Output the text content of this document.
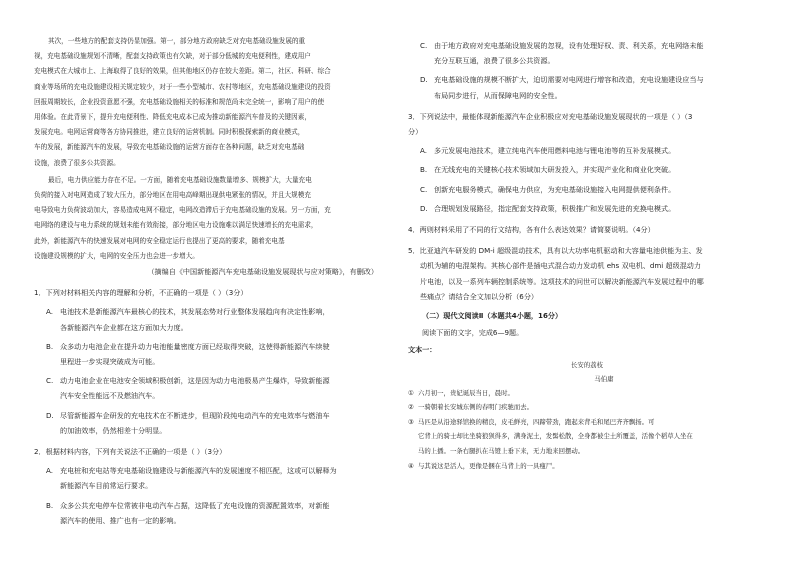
其次，一些地方的配套支持仍显加强。第一，部分地方政府缺乏对充电基础设施发展的重
视，充电基础设施规划不清晰，配套支持政策也有欠缺，对于部分低城的充电便利性，建成用户
充电模式在大城市上、上海取得了良好的效果，但其他地区仍存在较大差距。第二，社区、科研、综合
商业等场所的充电设施建设相关规定较少，对于一些小型城市、农村等地区，充电基础设施建设的投资
回报周期较长，企业投资意愿不强，充电基础设施相关的标准和规范尚未完全统一，影响了用户的使
用体验。在此背景下，提升充电便利性、降低充电成本已成为推动新能源汽车普及的关键因素，
发展充电。电网运营商等各方协同推进，建立良好的运营机制。同时积极探索新的商业模式，
车的发展，新能源汽车的发展，导致充电基础设施的运营方面存在各种问题，缺乏对充电基础
设施，浪费了很多公共资源。
最后，电力供应能力存在不足。一方面，随着充电基础设施数量增多、规模扩大，大量充电
负荷的接入对电网造成了较大压力，部分地区在用电高峰期出现供电紧张的情况，并且大规模充
电导致电力负荷波动加大，容易造成电网不稳定，电网改造滞后于充电基础设施的发展。另一方面，充
电网络的建设与电力系统的规划未能有效衔接，部分地区电力设施难以满足快速增长的充电需求，
此外，新能源汽车的快速发展对电网的安全稳定运行也提出了更高的要求，随着充电基
设施建设规模的扩大，电网的安全压力也会进一步增大。
（摘编自《中国新能源汽车充电基础设施发展现状与应对策略》，有删改）
1．下列对材料相关内容的理解和分析，不正确的一项是（ ）（3分）
A. 电池技术是新能源汽车最核心的技术，其发展态势对行业整体发展趋向有决定性影响，
各新能源汽车企业都在这方面加大力度。
B. 众多动力电池企业在提升动力电池能量密度方面已经取得突破，这使得新能源汽车续驶
里程进一步实现突破成为可能。
C. 动力电池企业在电池安全领域积极创新，这是因为动力电池极易产生爆炸，导致新能源
汽车安全性能远不及燃油汽车。
D. 尽管新能源车企研发的充电技术在不断进步，但现阶段纯电动汽车的充电效率与燃油车
的加油效率，仍然相差十分明显。
2．根据材料内容，下列有关说法不正确的一项是（ ）（3分）
A. 充电桩和充电站等充电基础设施建设与新能源汽车的发展速度不相匹配，这或可以解释为
新能源汽车目前常运行要求。
B. 众多公共充电停车位常被非电动汽车占据，这降低了充电设施的资源配置效率，对新能
源汽车的使用、推广也有一定的影响。
C. 由于地方政府对充电基础设施发展的忽视，设有处理好权、责、利关系，充电网络未能
充分互联互通，浪费了很多公共资源。
D. 充电基础设施的规模不断扩大，迫切需要对电网进行增容和改造，充电设施建设应当与
布局同步进行，从而保障电网的安全性。
3．下列说法中，最能体现新能源汽车企业积极应对充电基础设施发展现状的一项是（ ）（3
分）
A. 多元发展电池技术，建立纯电汽车使用燃料电池与锂电池等的互补发展模式。
B. 在无线充电的关键核心技术领域加大研发投入，并实现产业化和商业化突破。
C. 创新充电服务模式，确保电力供应，为充电基础设施接入电网提供便利条件。
D. 合理规划发展路径，指定配套支持政策，积极推广和发展先进的充换电模式。
4．两则材料采用了不同的行文结构，各有什么表达效果？请简要说明。（4分）
5．比亚迪汽车研发的 DM-i 超级混动技术，具有以大功率电机驱动和大容量电池供能为主、发
动机为辅的电混架构。其核心部件是插电式混合动力发动机 ehs 双电机、dmi 超级混动力
片电池，以及一系列车辆控制系统等。这项技术的问世可以解决新能源汽车发展过程中的哪
些痛点？请结合全文加以分析（6分）
（二）现代文阅读Ⅱ（本题共4小题，16分）
阅读下面的文字，完成6—9题。
文本一：
长安的荔枝
马伯庸
① 六月初一，贵妃诞辰当日，晨时。
② 一骑朝着长安城东侧的春明门疾驰而去。
③ 马匹是从沿途驿馆换的精良，皮毛鲜亮，四蹄带劲，跑起来背毛和尾巴齐齐飘扬。可
它背上的骑士却比坐骑狼狈得多，满身泥土，发髻松散，全身都被尘土所覆盖，活像个稻草人坐在
马的上播。一条右腿扒在马镫上垂下来，无力地来回摆动。
④ 与其说这是活人，更像是捆在马背上的一具瘦尸。
